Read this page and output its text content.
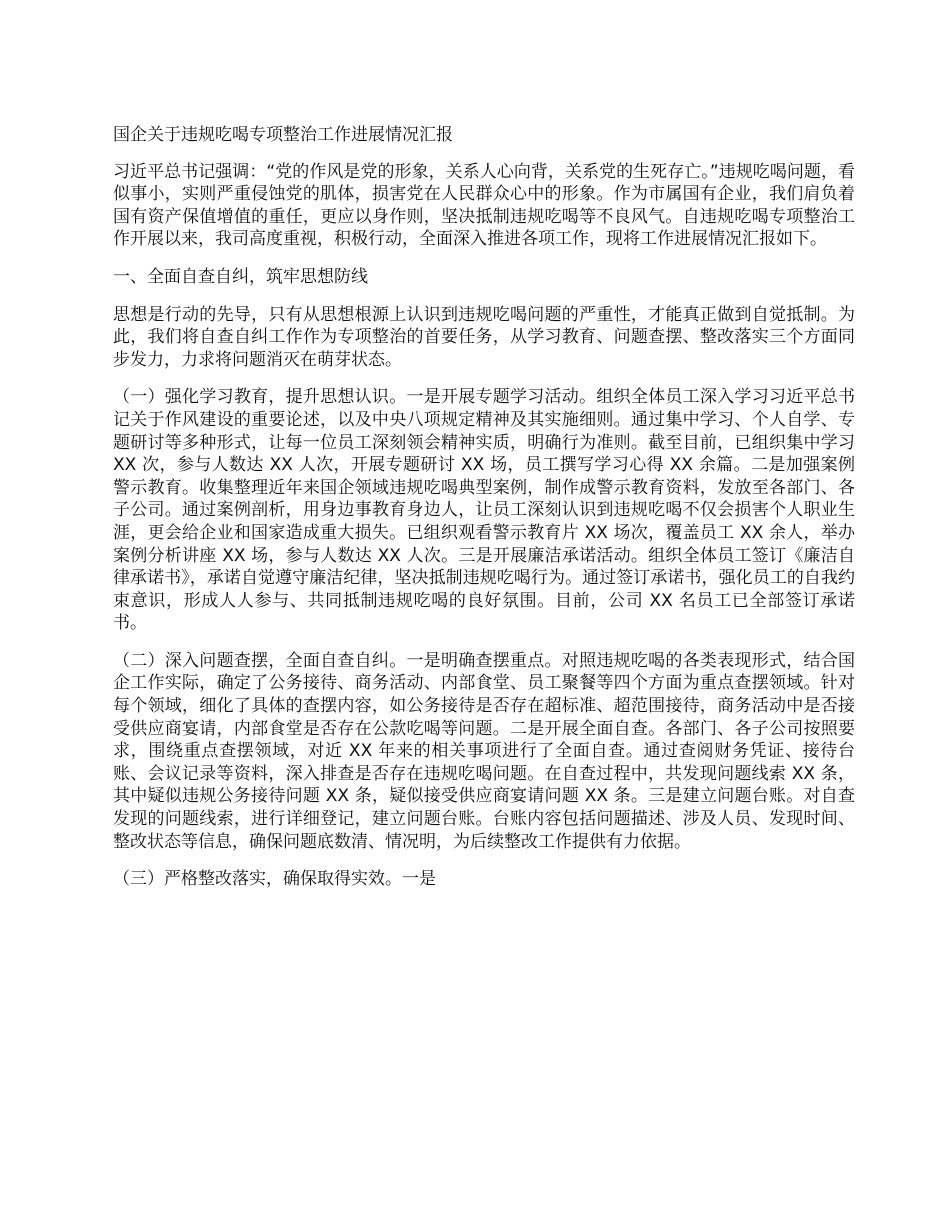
国企关于违规吃喝专项整治工作进展情况汇报

习近平总书记强调：“党的作风是党的形象，关系人心向背，关系党的生死存亡。”违规吃喝问题，看似事小，实则严重侵蚀党的肌体，损害党在人民群众心中的形象。作为市属国有企业，我们肩负着国有资产保值增值的重任，更应以身作则，坚决抵制违规吃喝等不良风气。自违规吃喝专项整治工作开展以来，我司高度重视，积极行动，全面深入推进各项工作，现将工作进展情况汇报如下。

一、全面自查自纠，筑牢思想防线

思想是行动的先导，只有从思想根源上认识到违规吃喝问题的严重性，才能真正做到自觉抵制。为此，我们将自查自纠工作作为专项整治的首要任务，从学习教育、问题查摆、整改落实三个方面同步发力，力求将问题消灭在萌芽状态。

（一）强化学习教育，提升思想认识。一是开展专题学习活动。组织全体员工深入学习习近平总书记关于作风建设的重要论述，以及中央八项规定精神及其实施细则。通过集中学习、个人自学、专题研讨等多种形式，让每一位员工深刻领会精神实质，明确行为准则。截至目前，已组织集中学习 XX 次，参与人数达 XX 人次，开展专题研讨 XX 场，员工撰写学习心得 XX 余篇。二是加强案例警示教育。收集整理近年来国企领域违规吃喝典型案例，制作成警示教育资料，发放至各部门、各子公司。通过案例剖析，用身边事教育身边人，让员工深刻认识到违规吃喝不仅会损害个人职业生涯，更会给企业和国家造成重大损失。已组织观看警示教育片 XX 场次，覆盖员工 XX 余人，举办案例分析讲座 XX 场，参与人数达 XX 人次。三是开展廉洁承诺活动。组织全体员工签订《廉洁自律承诺书》，承诺自觉遵守廉洁纪律，坚决抵制违规吃喝行为。通过签订承诺书，强化员工的自我约束意识，形成人人参与、共同抵制违规吃喝的良好氛围。目前，公司 XX 名员工已全部签订承诺书。

（二）深入问题查摆，全面自查自纠。一是明确查摆重点。对照违规吃喝的各类表现形式，结合国企工作实际，确定了公务接待、商务活动、内部食堂、员工聚餐等四个方面为重点查摆领域。针对每个领域，细化了具体的查摆内容，如公务接待是否存在超标准、超范围接待，商务活动中是否接受供应商宴请，内部食堂是否存在公款吃喝等问题。二是开展全面自查。各部门、各子公司按照要求，围绕重点查摆领域，对近 XX 年来的相关事项进行了全面自查。通过查阅财务凭证、接待台账、会议记录等资料，深入排查是否存在违规吃喝问题。在自查过程中，共发现问题线索 XX 条，其中疑似违规公务接待问题 XX 条，疑似接受供应商宴请问题 XX 条。三是建立问题台账。对自查发现的问题线索，进行详细登记，建立问题台账。台账内容包括问题描述、涉及人员、发现时间、整改状态等信息，确保问题底数清、情况明，为后续整改工作提供有力依据。

（三）严格整改落实，确保取得实效。一是
